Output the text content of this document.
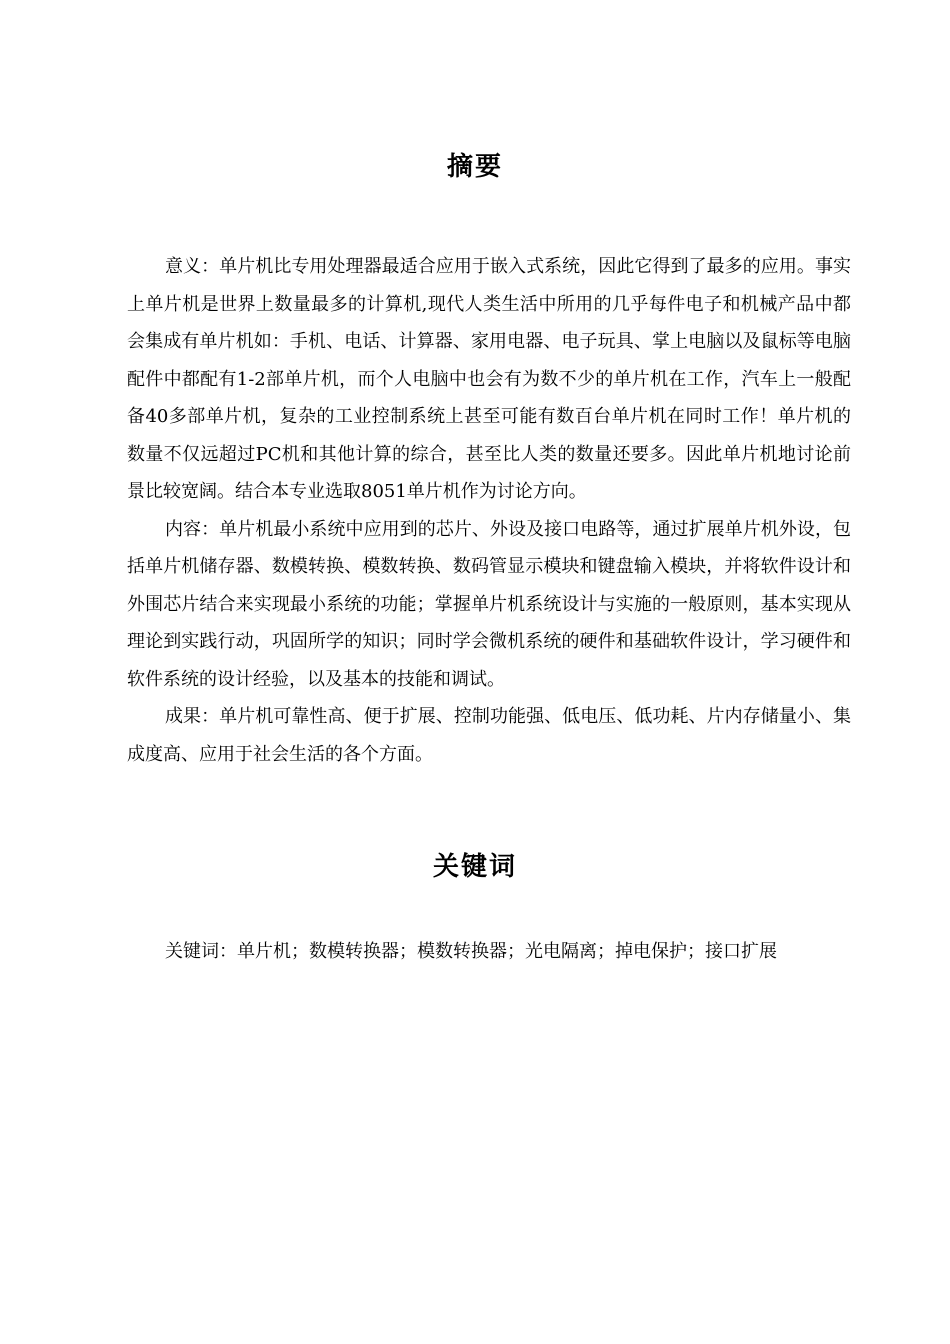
摘要

意义：单片机比专用处理器最适合应用于嵌入式系统，因此它得到了最多的应用。事实上单片机是世界上数量最多的计算机,现代人类生活中所用的几乎每件电子和机械产品中都会集成有单片机如：手机、电话、计算器、家用电器、电子玩具、掌上电脑以及鼠标等电脑配件中都配有1-2部单片机，而个人电脑中也会有为数不少的单片机在工作，汽车上一般配备40多部单片机，复杂的工业控制系统上甚至可能有数百台单片机在同时工作！单片机的数量不仅远超过PC机和其他计算的综合，甚至比人类的数量还要多。因此单片机地讨论前景比较宽阔。结合本专业选取8051单片机作为讨论方向。

内容：单片机最小系统中应用到的芯片、外设及接口电路等，通过扩展单片机外设，包括单片机储存器、数模转换、模数转换、数码管显示模块和键盘输入模块，并将软件设计和外围芯片结合来实现最小系统的功能；掌握单片机系统设计与实施的一般原则，基本实现从理论到实践行动，巩固所学的知识；同时学会微机系统的硬件和基础软件设计，学习硬件和软件系统的设计经验，以及基本的技能和调试。

成果：单片机可靠性高、便于扩展、控制功能强、低电压、低功耗、片内存储量小、集成度高、应用于社会生活的各个方面。

关键词
关键词：单片机；数模转换器；模数转换器；光电隔离；掉电保护；接口扩展
